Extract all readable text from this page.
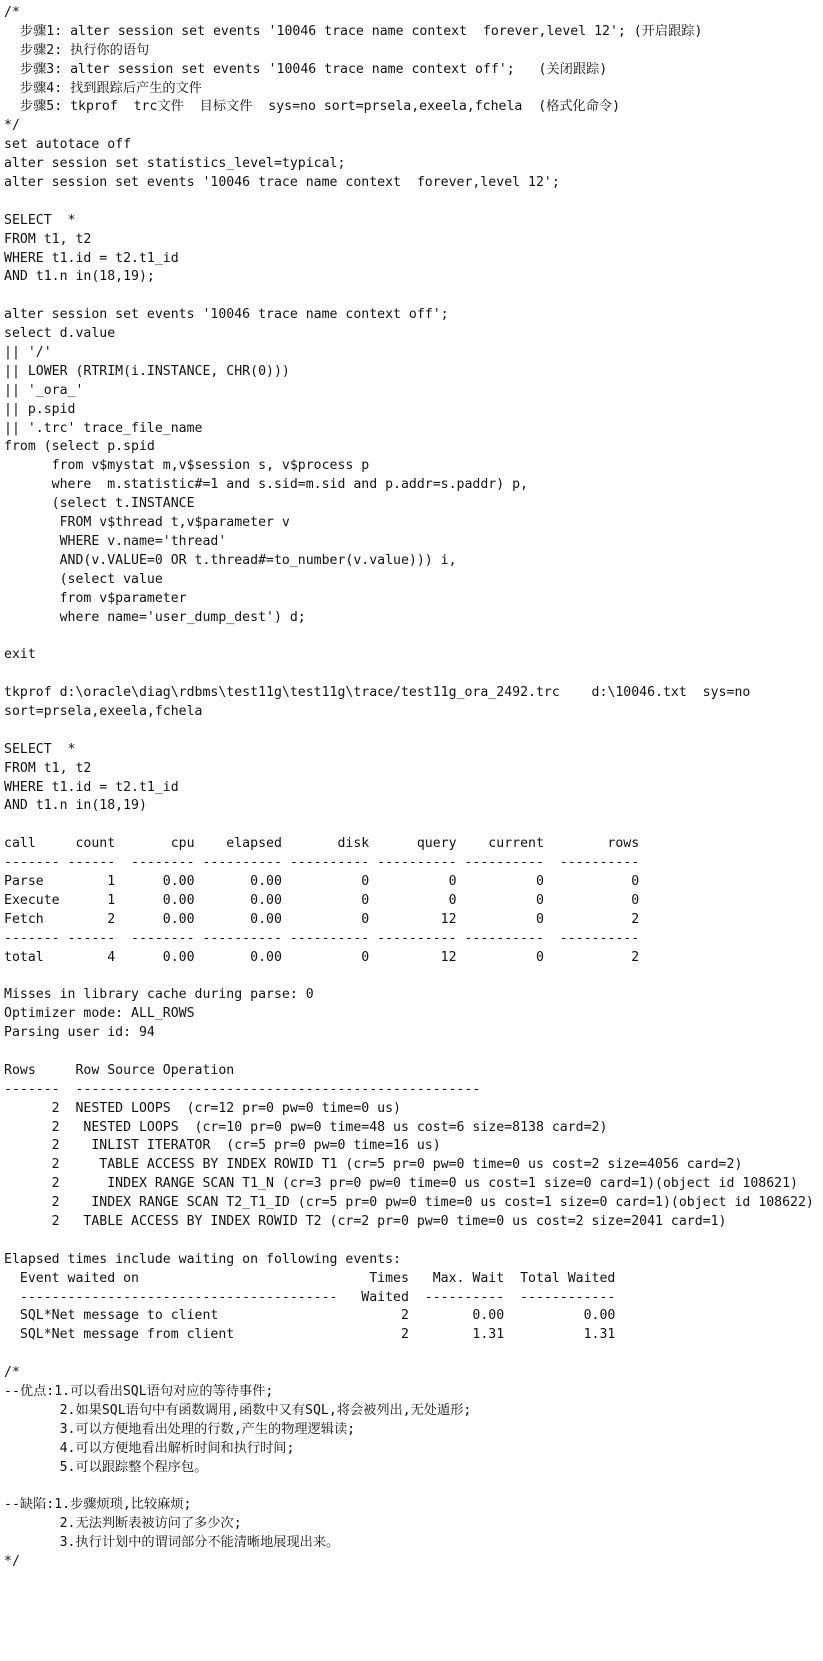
/*
步骤1: alter session set events '10046 trace name context  forever,level 12'; (开启跟踪)
步骤2: 执行你的语句
步骤3: alter session set events '10046 trace name context off';   (关闭跟踪)
步骤4: 找到跟踪后产生的文件
步骤5: tkprof  trc文件  目标文件  sys=no sort=prsela,exeela,fchela  (格式化命令)
*/
set autotace off
alter session set statistics_level=typical;
alter session set events '10046 trace name context  forever,level 12';
SELECT  *
FROM t1, t2
WHERE t1.id = t2.t1_id
AND t1.n in(18,19);
alter session set events '10046 trace name context off';
select d.value
|| '/'
|| LOWER (RTRIM(i.INSTANCE, CHR(0)))
|| '_ora_'
|| p.spid
|| '.trc' trace_file_name
from (select p.spid
from v$mystat m,v$session s, v$process p
where  m.statistic#=1 and s.sid=m.sid and p.addr=s.paddr) p,
(select t.INSTANCE
FROM v$thread t,v$parameter v
WHERE v.name='thread'
AND(v.VALUE=0 OR t.thread#=to_number(v.value))) i,
(select value
from v$parameter
where name='user_dump_dest') d;
exit
tkprof d:\oracle\diag\rdbms\test11g\test11g\trace/test11g_ora_2492.trc    d:\10046.txt  sys=no
sort=prsela,exeela,fchela
SELECT  *
FROM t1, t2
WHERE t1.id = t2.t1_id
AND t1.n in(18,19)
call     count       cpu    elapsed       disk      query    current        rows
------- ------  -------- ---------- ---------- ---------- ----------  ----------
Parse        1      0.00       0.00          0          0          0           0
Execute      1      0.00       0.00          0          0          0           0
Fetch        2      0.00       0.00          0         12          0           2
------- ------  -------- ---------- ---------- ---------- ----------  ----------
total        4      0.00       0.00          0         12          0           2
Misses in library cache during parse: 0
Optimizer mode: ALL_ROWS
Parsing user id: 94
Rows     Row Source Operation
-------  ---------------------------------------------------
2  NESTED LOOPS  (cr=12 pr=0 pw=0 time=0 us)
2   NESTED LOOPS  (cr=10 pr=0 pw=0 time=48 us cost=6 size=8138 card=2)
2    INLIST ITERATOR  (cr=5 pr=0 pw=0 time=16 us)
2     TABLE ACCESS BY INDEX ROWID T1 (cr=5 pr=0 pw=0 time=0 us cost=2 size=4056 card=2)
2      INDEX RANGE SCAN T1_N (cr=3 pr=0 pw=0 time=0 us cost=1 size=0 card=1)(object id 108621)
2    INDEX RANGE SCAN T2_T1_ID (cr=5 pr=0 pw=0 time=0 us cost=1 size=0 card=1)(object id 108622)
2   TABLE ACCESS BY INDEX ROWID T2 (cr=2 pr=0 pw=0 time=0 us cost=2 size=2041 card=1)
Elapsed times include waiting on following events:
Event waited on                             Times   Max. Wait  Total Waited
----------------------------------------   Waited  ----------  ------------
SQL*Net message to client                       2        0.00          0.00
SQL*Net message from client                     2        1.31          1.31
/*
--优点:1.可以看出SQL语句对应的等待事件;
2.如果SQL语句中有函数调用,函数中又有SQL,将会被列出,无处遁形;
3.可以方便地看出处理的行数,产生的物理逻辑读;
4.可以方便地看出解析时间和执行时间;
5.可以跟踪整个程序包。
--缺陷:1.步骤烦琐,比较麻烦;
2.无法判断表被访问了多少次;
3.执行计划中的谓词部分不能清晰地展现出来。
*/
